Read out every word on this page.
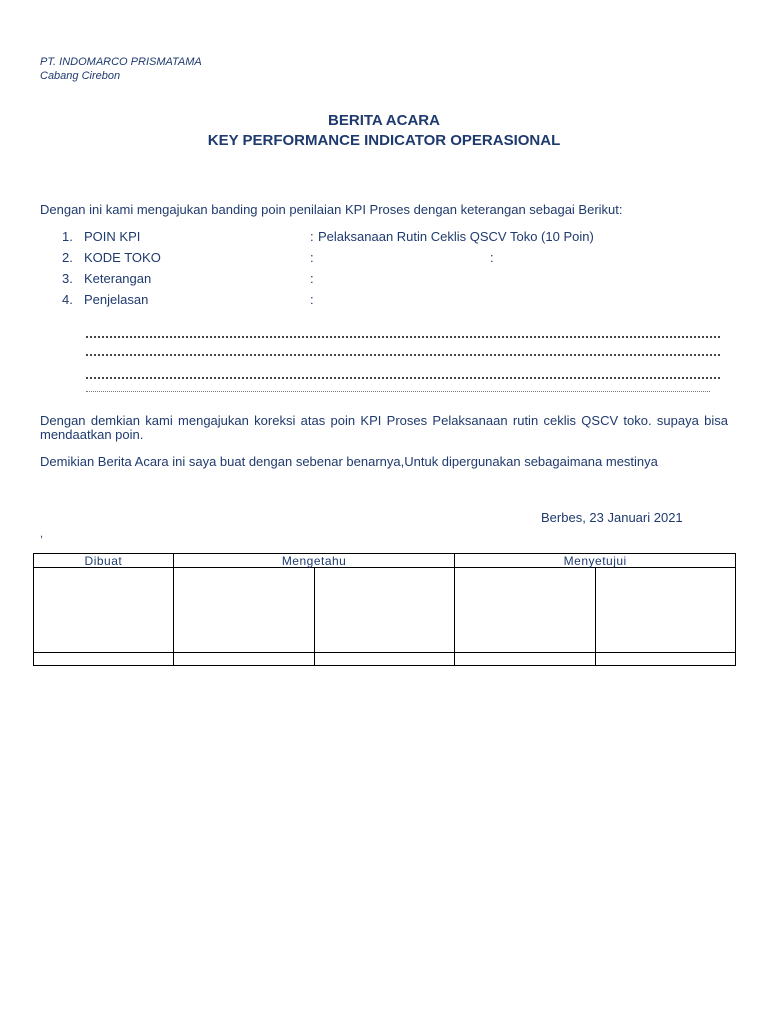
PT. INDOMARCO PRISMATAMA
Cabang Cirebon
BERITA ACARA
KEY PERFORMANCE INDICATOR OPERASIONAL
Dengan ini kami mengajukan banding poin penilaian KPI Proses dengan keterangan sebagai Berikut:
1. POIN KPI	: Pelaksanaan Rutin Ceklis QSCV Toko (10 Poin)
2. KODE TOKO	:	:
3. Keterangan	:
4. Penjelasan	:
Dengan demkian kami mengajukan koreksi atas poin KPI Proses Pelaksanaan rutin ceklis QSCV toko. supaya bisa mendaatkan poin.
Demikian Berita Acara ini saya buat dengan sebenar benarnya,Untuk dipergunakan sebagaimana mestinya
Berbes, 23 Januari 2021
,
Dibuat	Mengetahu		Menyetujui	
